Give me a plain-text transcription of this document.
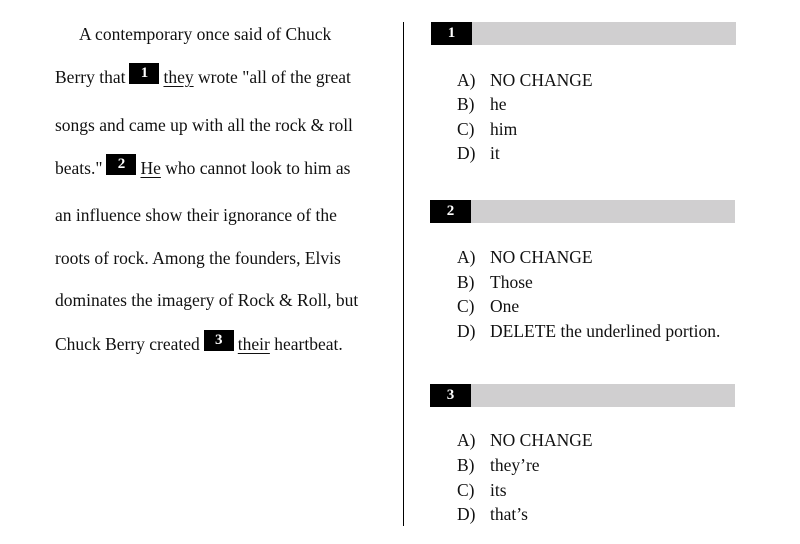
A contemporary once said of Chuck
Berry that 1 they wrote "all of the great
songs and came up with all the rock & roll
beats." 2 He who cannot look to him as
an influence show their ignorance of the
roots of rock. Among the founders, Elvis
dominates the imagery of Rock & Roll, but
Chuck Berry created 3 their heartbeat.
1
A) NO CHANGE
B) he
C) him
D) it
2
A) NO CHANGE
B) Those
C) One
D) DELETE the underlined portion.
3
A) NO CHANGE
B) they’re
C) its
D) that’s
